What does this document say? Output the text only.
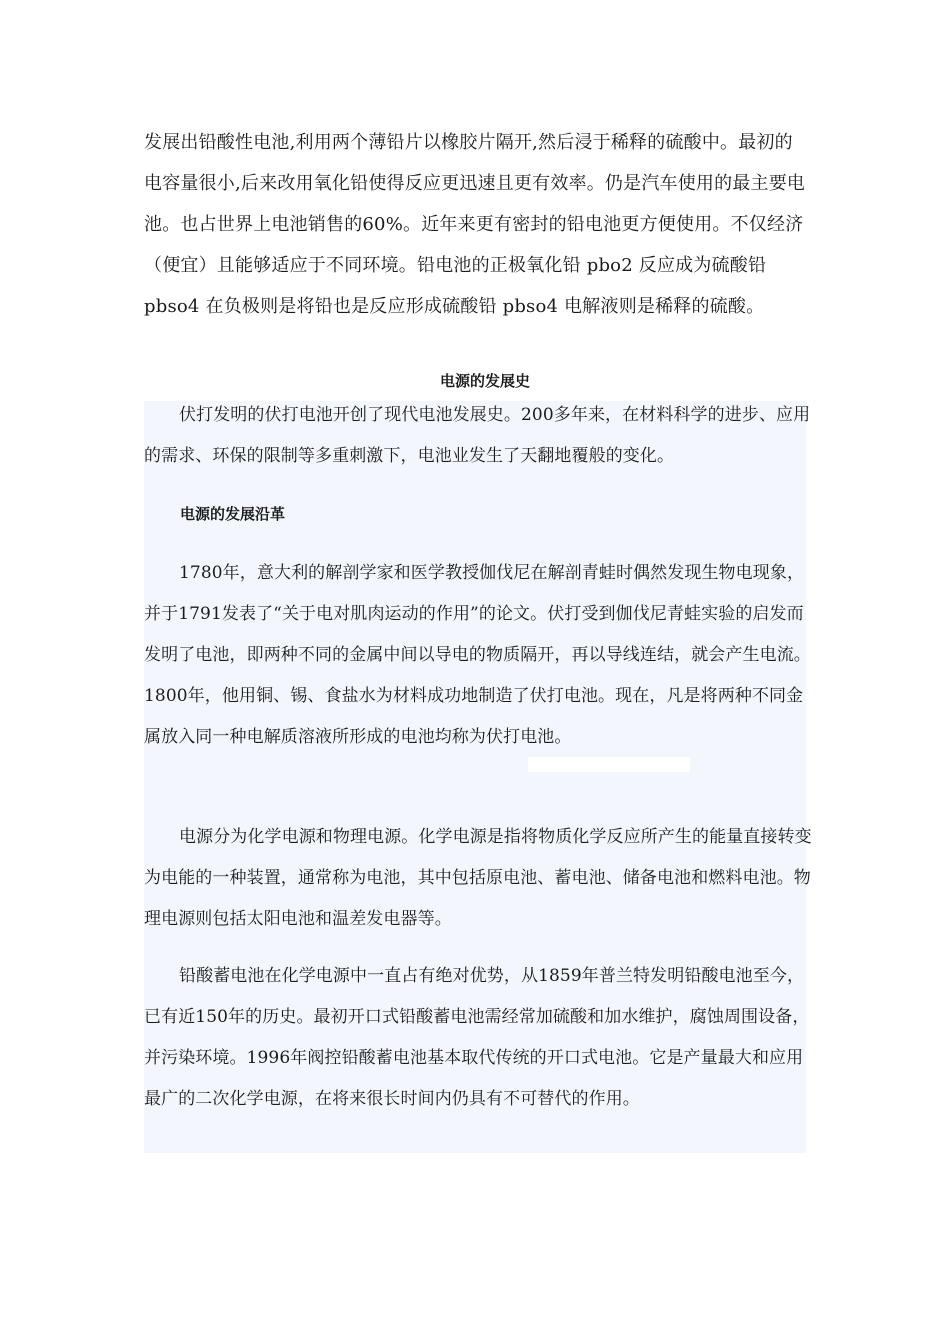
发展出铅酸性电池,利用两个薄铅片以橡胶片隔开,然后浸于稀释的硫酸中。最初的电容量很小,后来改用氧化铅使得反应更迅速且更有效率。仍是汽车使用的最主要电池。也占世界上电池销售的60%。近年来更有密封的铅电池更方便使用。不仅经济（便宜）且能够适应于不同环境。铅电池的正极氧化铅 pbo2 反应成为硫酸铅 pbso4 在负极则是将铅也是反应形成硫酸铅 pbso4 电解液则是稀释的硫酸。

电源的发展史

伏打发明的伏打电池开创了现代电池发展史。200多年来，在材料科学的进步、应用的需求、环保的限制等多重刺激下，电池业发生了天翻地覆般的变化。

电源的发展沿革

1780年，意大利的解剖学家和医学教授伽伐尼在解剖青蛙时偶然发现生物电现象，并于1791发表了“关于电对肌肉运动的作用”的论文。伏打受到伽伐尼青蛙实验的启发而发明了电池，即两种不同的金属中间以导电的物质隔开，再以导线连结，就会产生电流。1800年，他用铜、锡、食盐水为材料成功地制造了伏打电池。现在，凡是将两种不同金属放入同一种电解质溶液所形成的电池均称为伏打电池。

电源分为化学电源和物理电源。化学电源是指将物质化学反应所产生的能量直接转变为电能的一种装置，通常称为电池，其中包括原电池、蓄电池、储备电池和燃料电池。物理电源则包括太阳电池和温差发电器等。

铅酸蓄电池在化学电源中一直占有绝对优势，从1859年普兰特发明铅酸电池至今，已有近150年的历史。最初开口式铅酸蓄电池需经常加硫酸和加水维护，腐蚀周围设备，并污染环境。1996年阀控铅酸蓄电池基本取代传统的开口式电池。它是产量最大和应用最广的二次化学电源，在将来很长时间内仍具有不可替代的作用。
